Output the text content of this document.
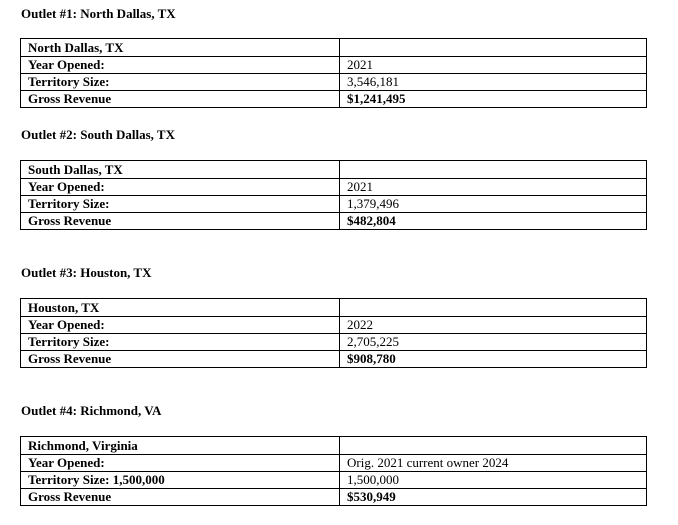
Outlet #1: North Dallas, TX

North Dallas, TX	
Year Opened:	2021
Territory Size:	3,546,181
Gross Revenue	$1,241,495

Outlet #2: South Dallas, TX

South Dallas, TX	
Year Opened:	2021
Territory Size:	1,379,496
Gross Revenue	$482,804

Outlet #3: Houston, TX

Houston, TX	
Year Opened:	2022
Territory Size:	2,705,225
Gross Revenue	$908,780

Outlet #4: Richmond, VA

Richmond, Virginia	
Year Opened:	Orig. 2021 current owner 2024
Territory Size: 1,500,000	1,500,000
Gross Revenue	$530,949
